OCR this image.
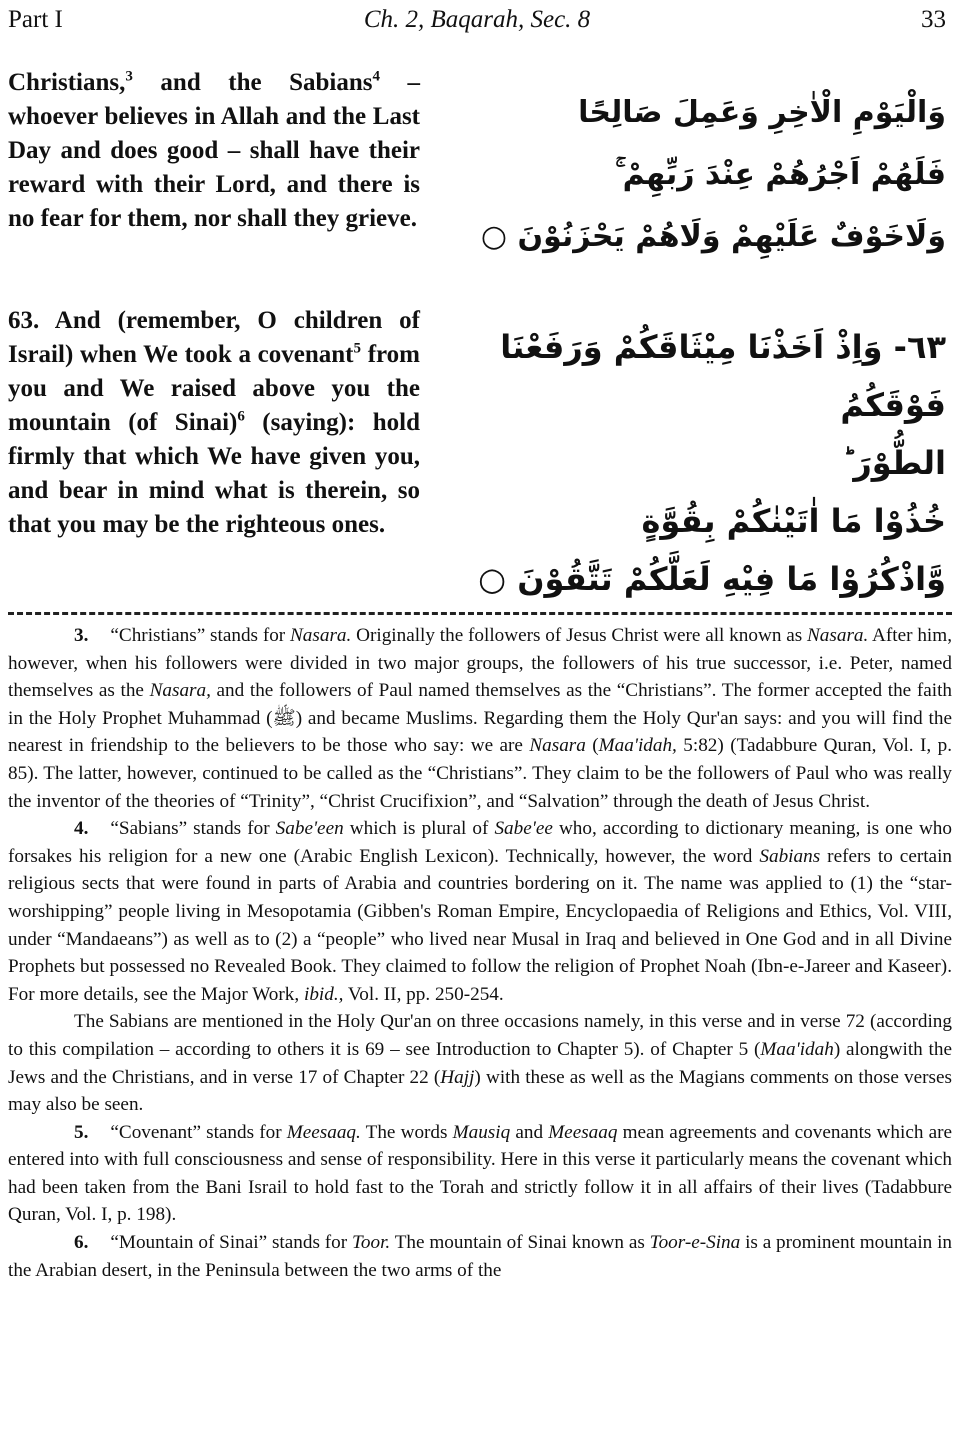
Part I	Ch. 2, Baqarah, Sec. 8	33
Christians,$^3$ and the Sabians$^4$ – whoever believes in Allah and the Last Day and does good – shall have their reward with their Lord, and there is no fear for them, nor shall they grieve.
وَالْيَوْمِ الْاٰخِرِ وَعَمِلَ صَالِحًا
فَلَهُمْ اَجْرُهُمْ عِنْدَ رَبِّهِمْ ۚ
وَلَاخَوْفٌ عَلَيْهِمْ وَلَاهُمْ يَحْزَنُوْنَ ○
63. And (remember, O children of Israil) when We took a covenant$^5$ from you and We raised above you the mountain (of Sinai)$^6$ (saying): hold firmly that which We have given you, and bear in mind what is therein, so that you may be the righteous ones.
٦٣- وَاِذْ اَخَذْنَا مِيْثَاقَكُمْ وَرَفَعْنَا فَوْقَكُمُ
الطُّوْرَ ؕ
خُذُوْا مَا اٰتَيْنٰكُمْ بِقُوَّةٍ
وَّاذْكُرُوْا مَا فِيْهِ لَعَلَّكُمْ تَتَّقُوْنَ ○

3. “Christians” stands for Nasara. Originally the followers of Jesus Christ were all known as Nasara. After him, however, when his followers were divided in two major groups, the followers of his true successor, i.e. Peter, named themselves as the Nasara, and the followers of Paul named themselves as the “Christians”. The former accepted the faith in the Holy Prophet Muhammad (ﷺ) and became Muslims. Regarding them the Holy Qur'an says: and you will find the nearest in friendship to the believers to be those who say: we are Nasara (Maa'idah, 5:82) (Tadabbure Quran, Vol. I, p. 85). The latter, however, continued to be called as the “Christians”. They claim to be the followers of Paul who was really the inventor of the theories of “Trinity”, “Christ Crucifixion”, and “Salvation” through the death of Jesus Christ.

4. “Sabians” stands for Sabe'een which is plural of Sabe'ee who, according to dictionary meaning, is one who forsakes his religion for a new one (Arabic English Lexicon). Technically, however, the word Sabians refers to certain religious sects that were found in parts of Arabia and countries bordering on it. The name was applied to (1) the “star-worshipping” people living in Mesopotamia (Gibben's Roman Empire, Encyclopaedia of Religions and Ethics, Vol. VIII, under “Mandaeans”) as well as to (2) a “people” who lived near Musal in Iraq and believed in One God and in all Divine Prophets but possessed no Revealed Book. They claimed to follow the religion of Prophet Noah (Ibn-e-Jareer and Kaseer). For more details, see the Major Work, ibid., Vol. II, pp. 250-254.

The Sabians are mentioned in the Holy Qur'an on three occasions namely, in this verse and in verse 72 (according to this compilation – according to others it is 69 – see Introduction to Chapter 5). of Chapter 5 (Maa'idah) alongwith the Jews and the Christians, and in verse 17 of Chapter 22 (Hajj) with these as well as the Magians comments on those verses may also be seen.

5. “Covenant” stands for Meesaaq. The words Mausiq and Meesaaq mean agreements and covenants which are entered into with full consciousness and sense of responsibility. Here in this verse it particularly means the covenant which had been taken from the Bani Israil to hold fast to the Torah and strictly follow it in all affairs of their lives (Tadabbure Quran, Vol. I, p. 198).

6. “Mountain of Sinai” stands for Toor. The mountain of Sinai known as Toor-e-Sina is a prominent mountain in the Arabian desert, in the Peninsula between the two arms of the
